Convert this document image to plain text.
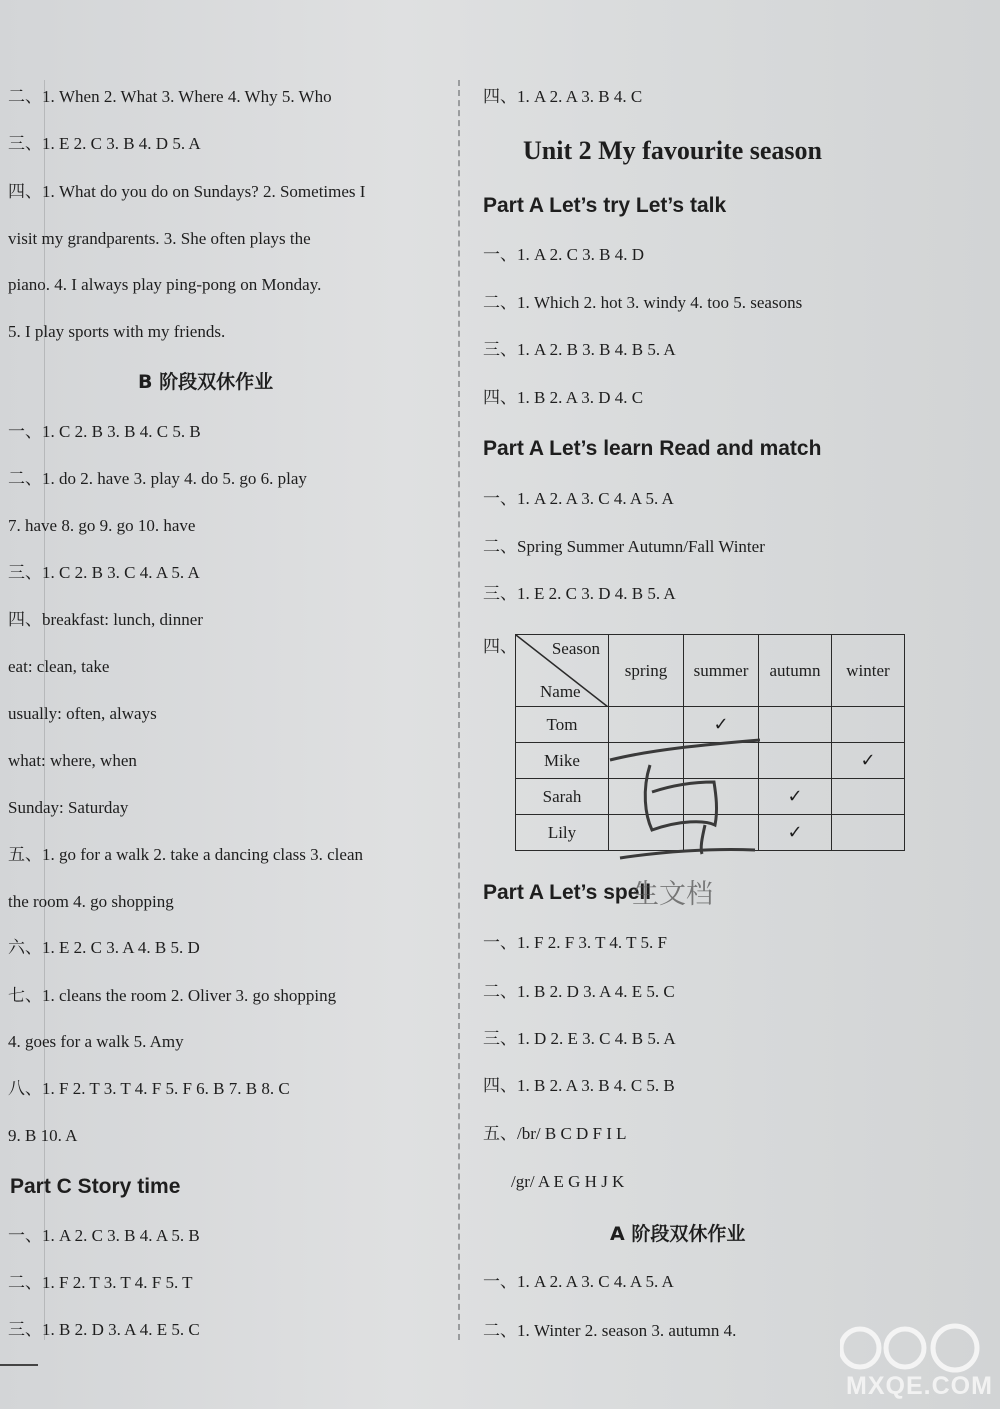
二、1. When 2. What 3. Where 4. Why 5. Who
三、1. E 2. C 3. B 4. D 5. A
四、1. What do you do on Sundays? 2. Sometimes I
visit my grandparents. 3. She often plays the
piano. 4. I always play ping-pong on Monday.
5. I play sports with my friends.
一、1. C 2. B 3. B 4. C 5. B
二、1. do 2. have 3. play 4. do 5. go 6. play
7. have 8. go 9. go 10. have
三、1. C 2. B 3. C 4. A 5. A
四、breakfast: lunch, dinner
eat: clean, take
usually: often, always
what: where, when
Sunday: Saturday
五、1. go for a walk 2. take a dancing class 3. clean
the room 4. go shopping
六、1. E 2. C 3. A 4. B 5. D
七、1. cleans the room 2. Oliver 3. go shopping
4. goes for a walk 5. Amy
八、1. F 2. T 3. T 4. F 5. F 6. B 7. B 8. C
9. B 10. A
一、1. A 2. C 3. B 4. A 5. B
二、1. F 2. T 3. T 4. F 5. T
三、1. B 2. D 3. A 4. E 5. C
B 阶段双休作业
Part C Story time
四、1. A 2. A 3. B 4. C
一、1. A 2. C 3. B 4. D
二、1. Which 2. hot 3. windy 4. too 5. seasons
三、1. A 2. B 3. B 4. B 5. A
四、1. B 2. A 3. D 4. C
一、1. A 2. A 3. C 4. A 5. A
二、Spring Summer Autumn/Fall Winter
三、1. E 2. C 3. D 4. B 5. A
一、1. F 2. F 3. T 4. T 5. F
二、1. B 2. D 3. A 4. E 5. C
三、1. D 2. E 3. C 4. B 5. A
四、1. B 2. A 3. B 4. C 5. B
五、/br/ B C D F I L
/gr/ A E G H J K
一、1. A 2. A 3. C 4. A 5. A
二、1. Winter 2. season 3. autumn 4.
Unit 2 My favourite season
Part A Let’s try Let’s talk
Part A Let’s learn Read and match
Part A Let’s spell
A 阶段双休作业
四、 Season
Name	spring	summer	autumn	winter
Tom		✓		
Mike				✓
Sarah			✓	
Lily			✓	
生文档
MXQE.COM
